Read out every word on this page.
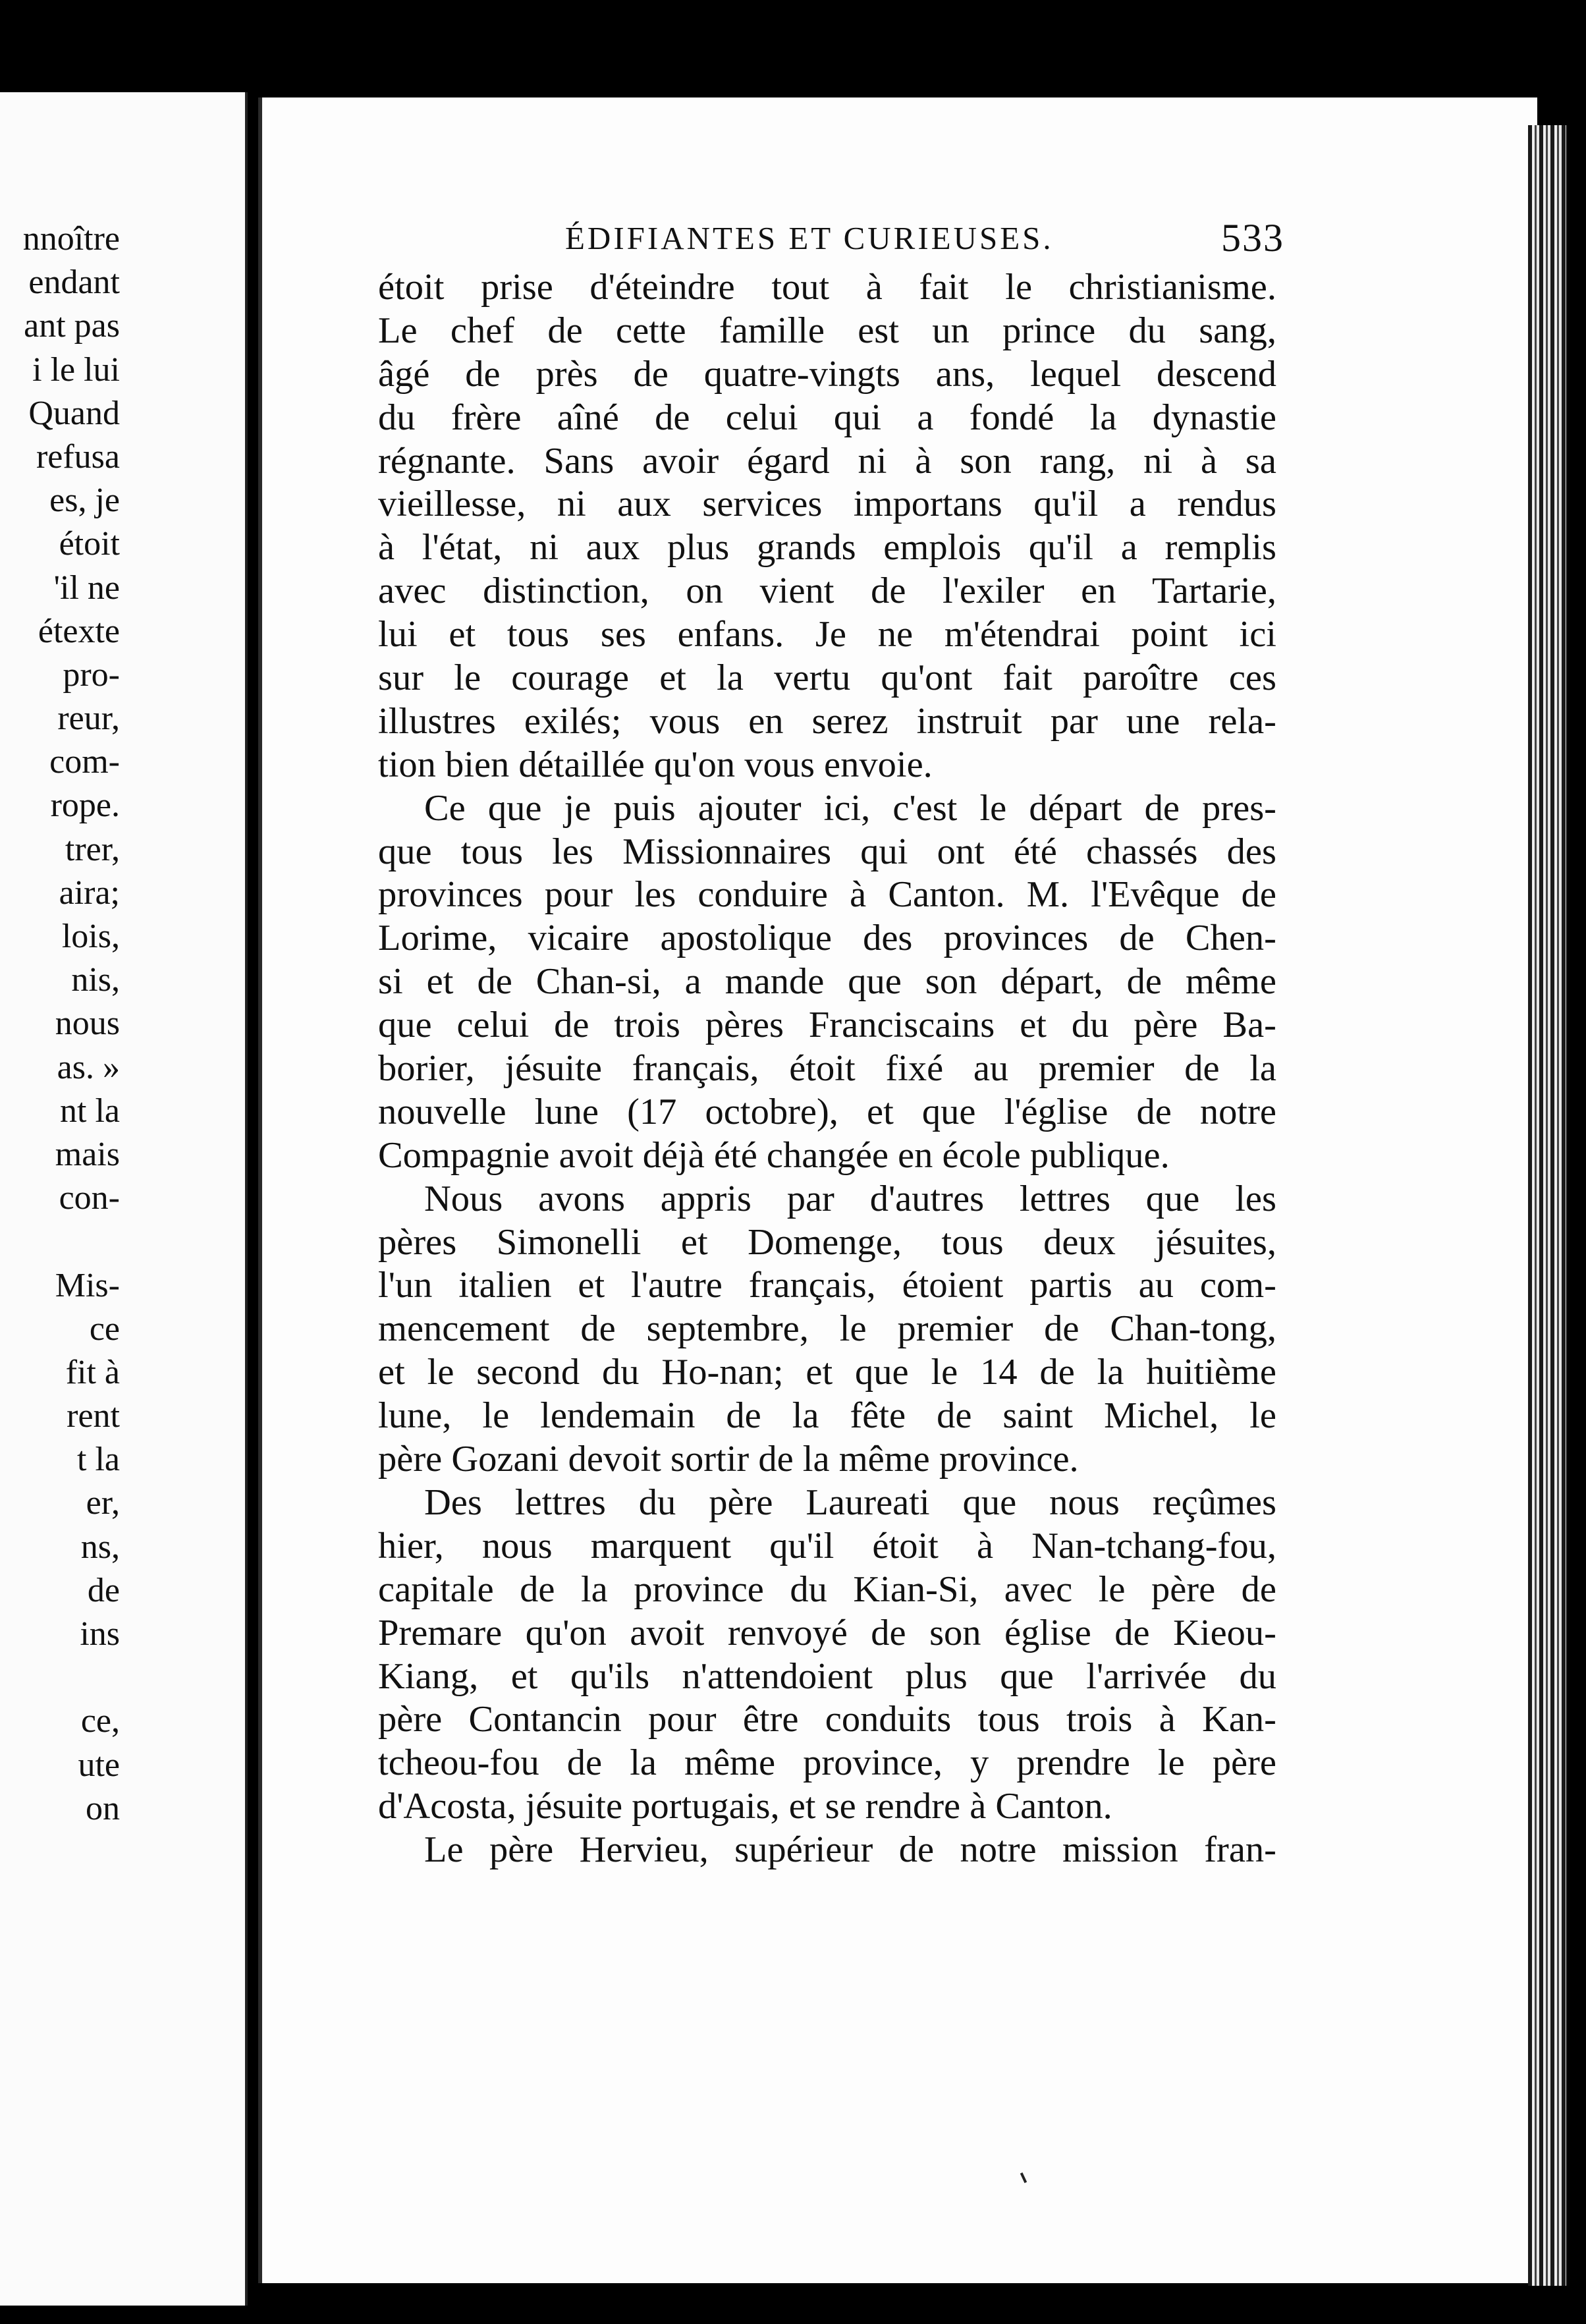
nnoître
endant
ant pas
i le lui
Quand
refusa
es, je
étoit
'il ne
étexte
pro-
reur,
com-
rope.
trer,
aira;
lois,
nis,
nous
as. »
nt la
mais
con-
Mis-
ce
fit à
rent
t la
er,
ns,
de
ins
ce,
ute
on
ÉDIFIANTES ET CURIEUSES.	533
étoit prise d'éteindre tout à fait le christianisme.
Le chef de cette famille est un prince du sang,
âgé de près de quatre-vingts ans, lequel descend
du frère aîné de celui qui a fondé la dynastie
régnante. Sans avoir égard ni à son rang, ni à sa
vieillesse, ni aux services importans qu'il a rendus
à l'état, ni aux plus grands emplois qu'il a remplis
avec distinction, on vient de l'exiler en Tartarie,
lui et tous ses enfans. Je ne m'étendrai point ici
sur le courage et la vertu qu'ont fait paroître ces
illustres exilés; vous en serez instruit par une rela-
tion bien détaillée qu'on vous envoie.
Ce que je puis ajouter ici, c'est le départ de pres-
que tous les Missionnaires qui ont été chassés des
provinces pour les conduire à Canton. M. l'Evêque de
Lorime, vicaire apostolique des provinces de Chen-
si et de Chan-si, a mande que son départ, de même
que celui de trois pères Franciscains et du père Ba-
borier, jésuite français, étoit fixé au premier de la
nouvelle lune (17 octobre), et que l'église de notre
Compagnie avoit déjà été changée en école publique.
Nous avons appris par d'autres lettres que les
pères Simonelli et Domenge, tous deux jésuites,
l'un italien et l'autre français, étoient partis au com-
mencement de septembre, le premier de Chan-tong,
et le second du Ho-nan; et que le 14 de la huitième
lune, le lendemain de la fête de saint Michel, le
père Gozani devoit sortir de la même province.
Des lettres du père Laureati que nous reçûmes
hier, nous marquent qu'il étoit à Nan-tchang-fou,
capitale de la province du Kian-Si, avec le père de
Premare qu'on avoit renvoyé de son église de Kieou-
Kiang, et qu'ils n'attendoient plus que l'arrivée du
père Contancin pour être conduits tous trois à Kan-
tcheou-fou de la même province, y prendre le père
d'Acosta, jésuite portugais, et se rendre à Canton.
Le père Hervieu, supérieur de notre mission fran-
